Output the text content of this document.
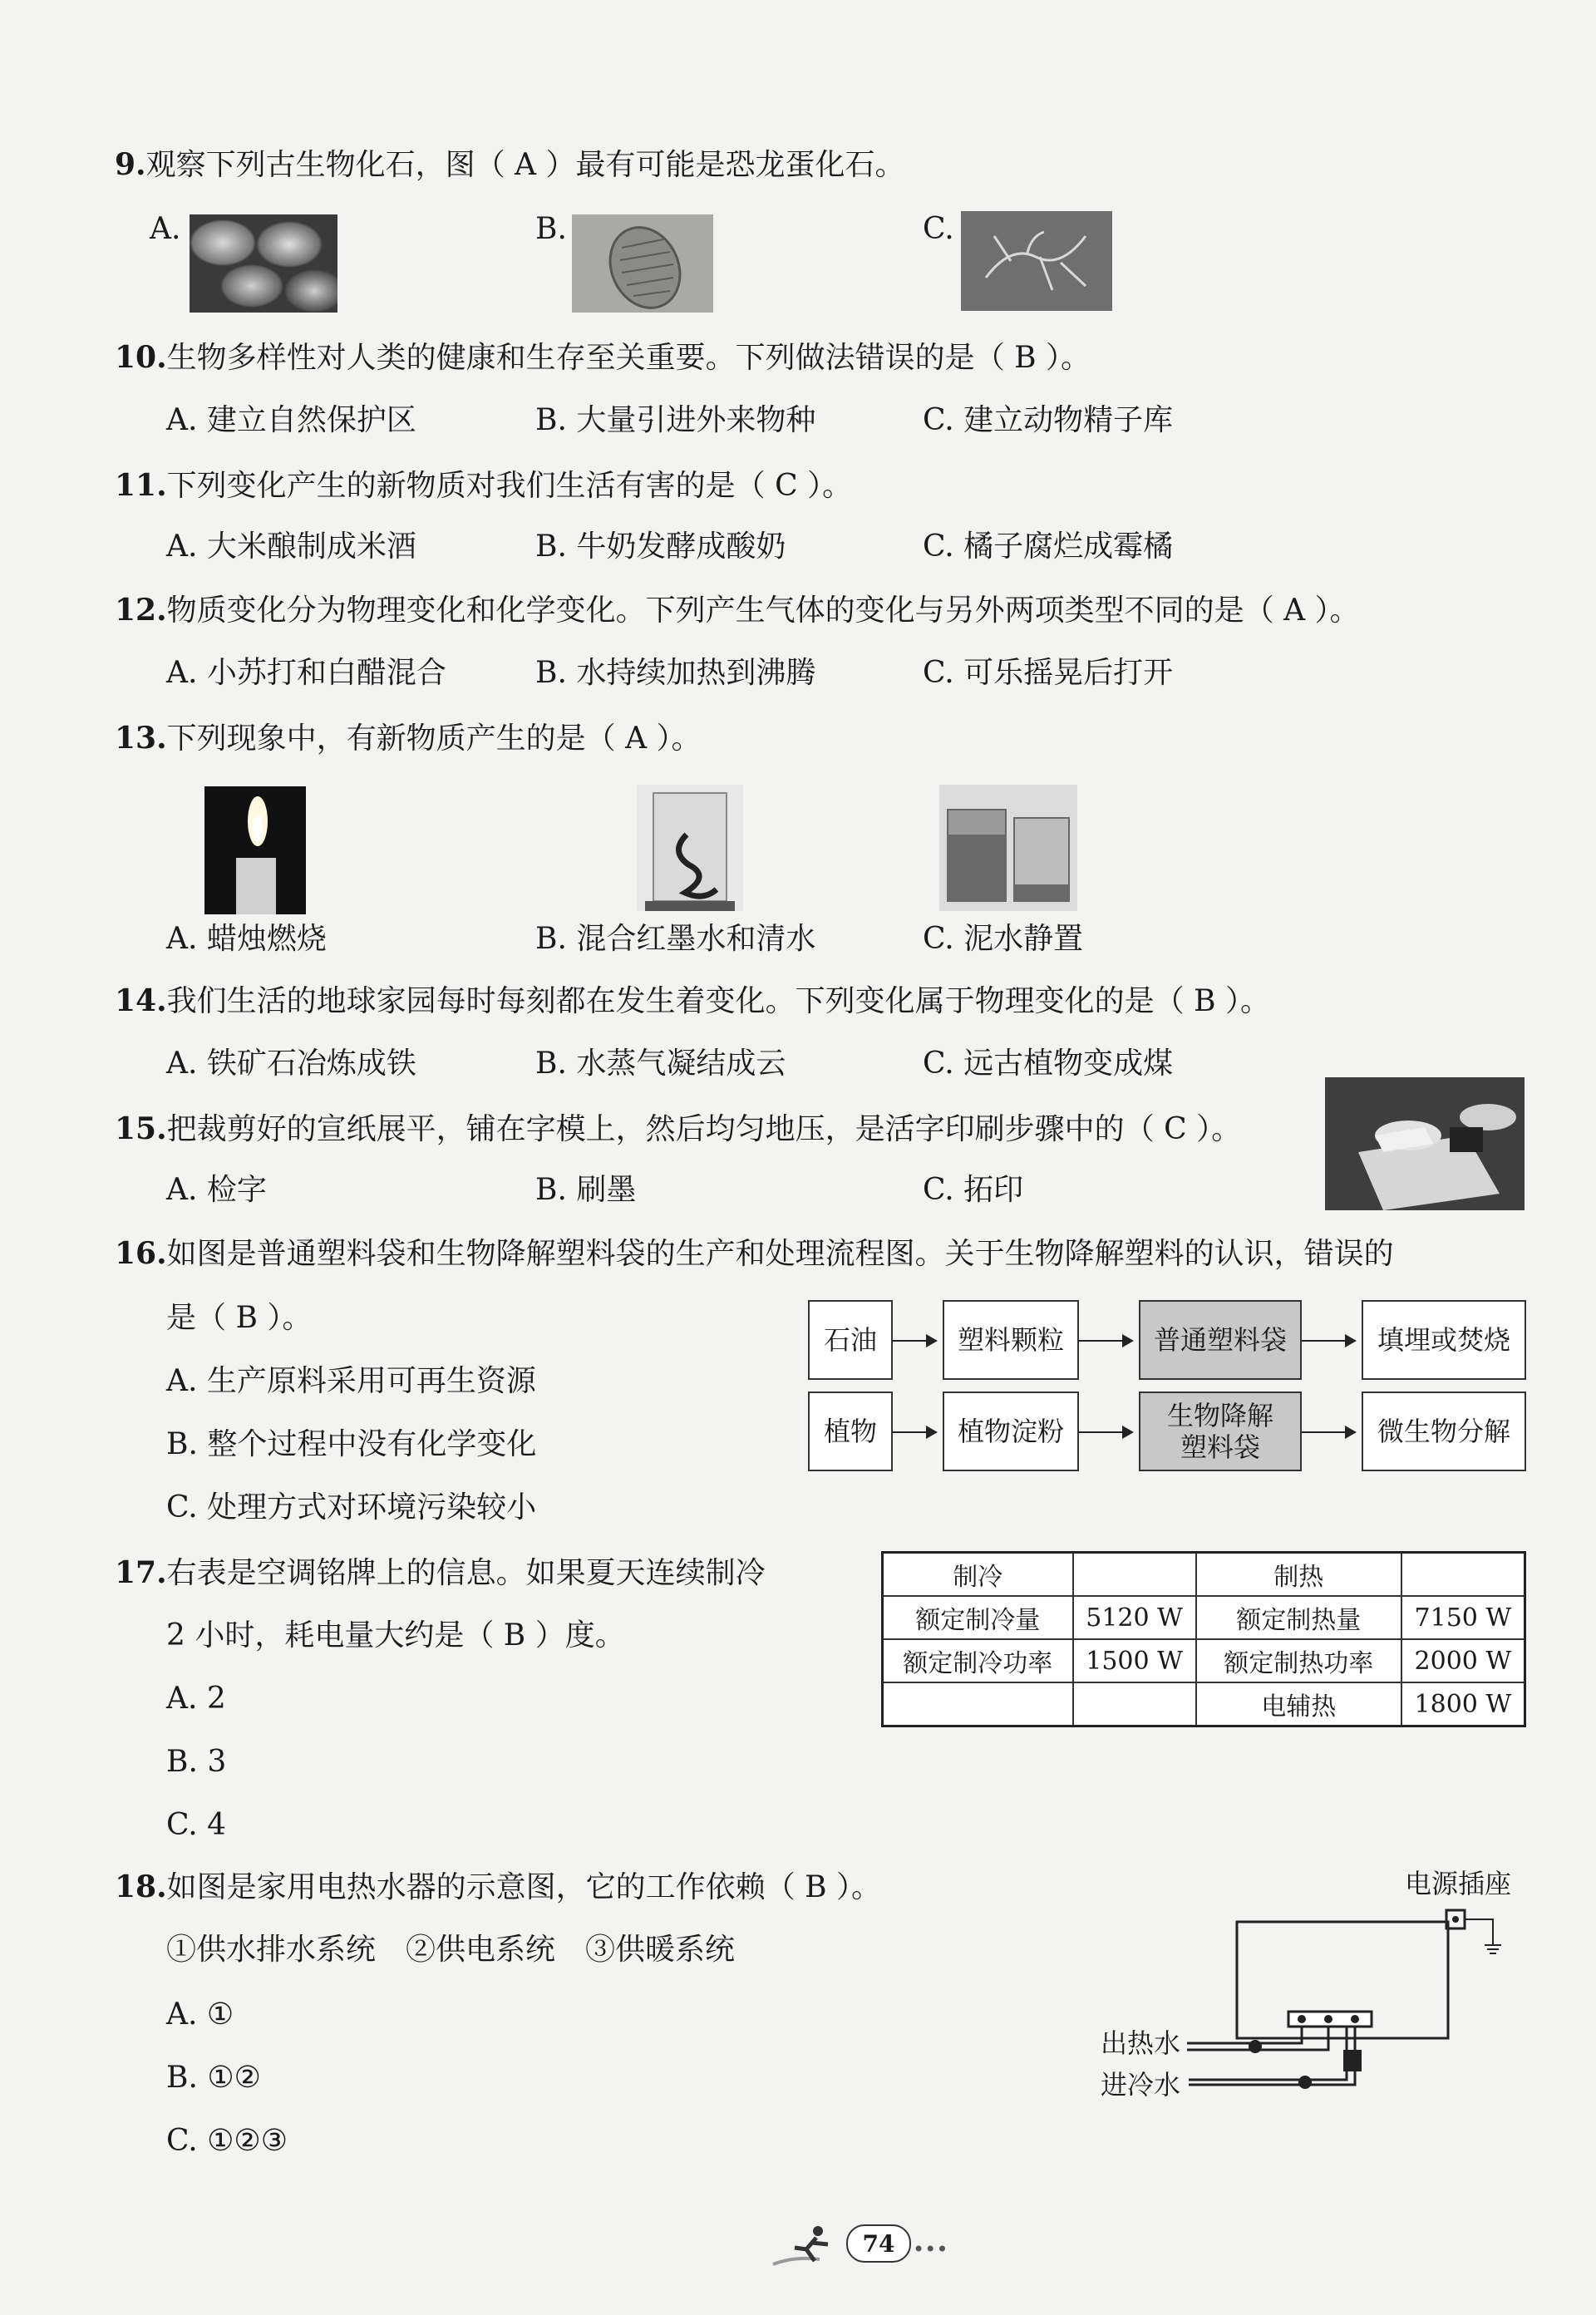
9.观察下列古生物化石，图（ A ）最有可能是恐龙蛋化石。
A.	B.	C.
10.生物多样性对人类的健康和生存至关重要。下列做法错误的是（ B ）。
A. 建立自然保护区	B. 大量引进外来物种	C. 建立动物精子库
11.下列变化产生的新物质对我们生活有害的是（ C ）。
A. 大米酿制成米酒	B. 牛奶发酵成酸奶	C. 橘子腐烂成霉橘
12.物质变化分为物理变化和化学变化。下列产生气体的变化与另外两项类型不同的是（ A ）。
A. 小苏打和白醋混合	B. 水持续加热到沸腾	C. 可乐摇晃后打开
13.下列现象中，有新物质产生的是（ A ）。
A. 蜡烛燃烧	B. 混合红墨水和清水	C. 泥水静置
14.我们生活的地球家园每时每刻都在发生着变化。下列变化属于物理变化的是（ B ）。
A. 铁矿石冶炼成铁	B. 水蒸气凝结成云	C. 远古植物变成煤
15.把裁剪好的宣纸展平，铺在字模上，然后均匀地压，是活字印刷步骤中的（ C ）。
A. 检字	B. 刷墨	C. 拓印
16.如图是普通塑料袋和生物降解塑料袋的生产和处理流程图。关于生物降解塑料的认识，错误的
是（ B ）。
A. 生产原料采用可再生资源
B. 整个过程中没有化学变化
C. 处理方式对环境污染较小
石油	塑料颗粒	普通塑料袋	填埋或焚烧
植物	植物淀粉	生物降解塑料袋	微生物分解
17.右表是空调铭牌上的信息。如果夏天连续制冷
2 小时，耗电量大约是（ B ）度。
A. 2
B. 3
C. 4
制冷		制热	
额定制冷量	5120 W	额定制热量	7150 W
额定制冷功率	1500 W	额定制热功率	2000 W
		电辅热	1800 W
18.如图是家用电热水器的示意图，它的工作依赖（ B ）。
①供水排水系统　②供电系统　③供暖系统
A. ①
B. ①②
C. ①②③
电源插座
出热水
进冷水
74 •••
